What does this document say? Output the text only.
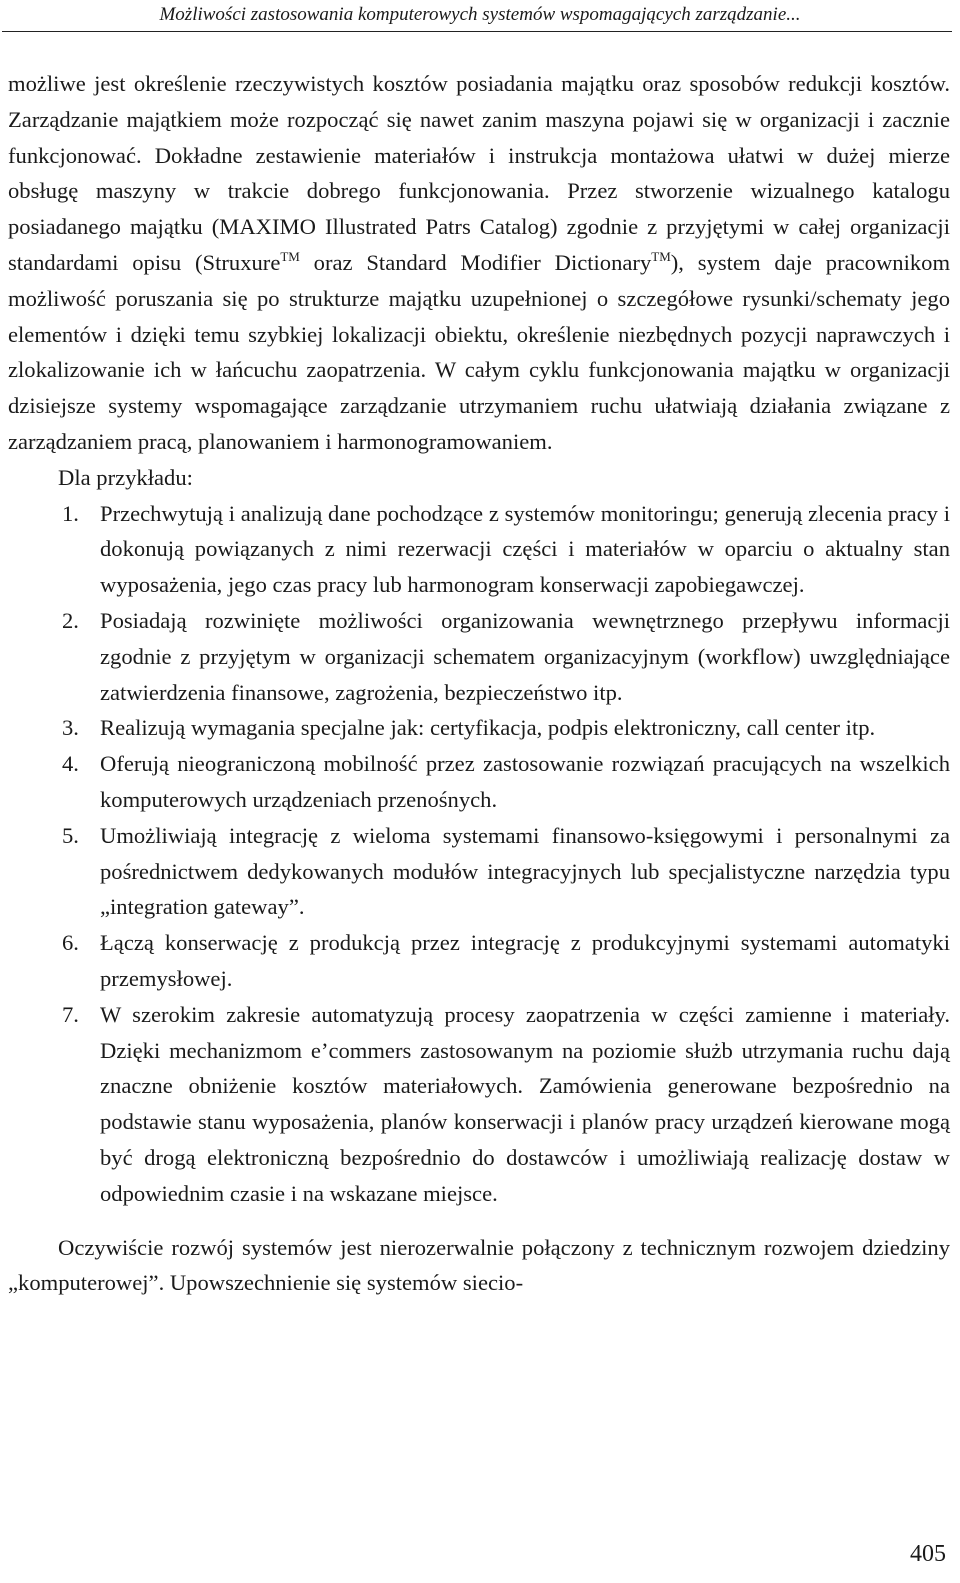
Możliwości zastosowania komputerowych systemów wspomagających zarządzanie...

możliwe jest określenie rzeczywistych kosztów posiadania majątku oraz sposobów redukcji kosztów. Zarządzanie majątkiem może rozpocząć się nawet zanim maszyna pojawi się w organizacji i zacznie funkcjonować. Dokładne zestawienie materiałów i instrukcja montażowa ułatwi w dużej mierze obsługę maszyny w trakcie dobrego funkcjonowania. Przez stworzenie wizualnego katalogu posiadanego majątku (MAXIMO Illustrated Patrs Catalog) zgodnie z przyjętymi w całej organizacji standardami opisu (Struxure™ oraz Standard Modifier Dictionary™), system daje pracownikom możliwość poruszania się po strukturze majątku uzupełnionej o szczegółowe rysunki/schematy jego elementów i dzięki temu szybkiej lokalizacji obiektu, określenie niezbędnych pozycji naprawczych i zlokalizowanie ich w łańcuchu zaopatrzenia. W całym cyklu funkcjonowania majątku w organizacji dzisiejsze systemy wspomagające zarządzanie utrzymaniem ruchu ułatwiają działania związane z zarządzaniem pracą, planowaniem i harmonogramowaniem.

Dla przykładu:

1. Przechwytują i analizują dane pochodzące z systemów monitoringu; generują zlecenia pracy i dokonują powiązanych z nimi rezerwacji części i materiałów w oparciu o aktualny stan wyposażenia, jego czas pracy lub harmonogram konserwacji zapobiegawczej.
2. Posiadają rozwinięte możliwości organizowania wewnętrznego przepływu informacji zgodnie z przyjętym w organizacji schematem organizacyjnym (workflow) uwzględniające zatwierdzenia finansowe, zagrożenia, bezpieczeństwo itp.
3. Realizują wymagania specjalne jak: certyfikacja, podpis elektroniczny, call center itp.
4. Oferują nieograniczoną mobilność przez zastosowanie rozwiązań pracujących na wszelkich komputerowych urządzeniach przenośnych.
5. Umożliwiają integrację z wieloma systemami finansowo-księgowymi i personalnymi za pośrednictwem dedykowanych modułów integracyjnych lub specjalistyczne narzędzia typu „integration gateway”.
6. Łączą konserwację z produkcją przez integrację z produkcyjnymi systemami automatyki przemysłowej.
7. W szerokim zakresie automatyzują procesy zaopatrzenia w części zamienne i materiały. Dzięki mechanizmom e’commers zastosowanym na poziomie służb utrzymania ruchu dają znaczne obniżenie kosztów materiałowych. Zamówienia generowane bezpośrednio na podstawie stanu wyposażenia, planów konserwacji i planów pracy urządzeń kierowane mogą być drogą elektroniczną bezpośrednio do dostawców i umożliwiają realizację dostaw w odpowiednim czasie i na wskazane miejsce.

Oczywiście rozwój systemów jest nierozerwalnie połączony z technicznym rozwojem dziedziny „komputerowej”. Upowszechnienie się systemów siecio-

405
